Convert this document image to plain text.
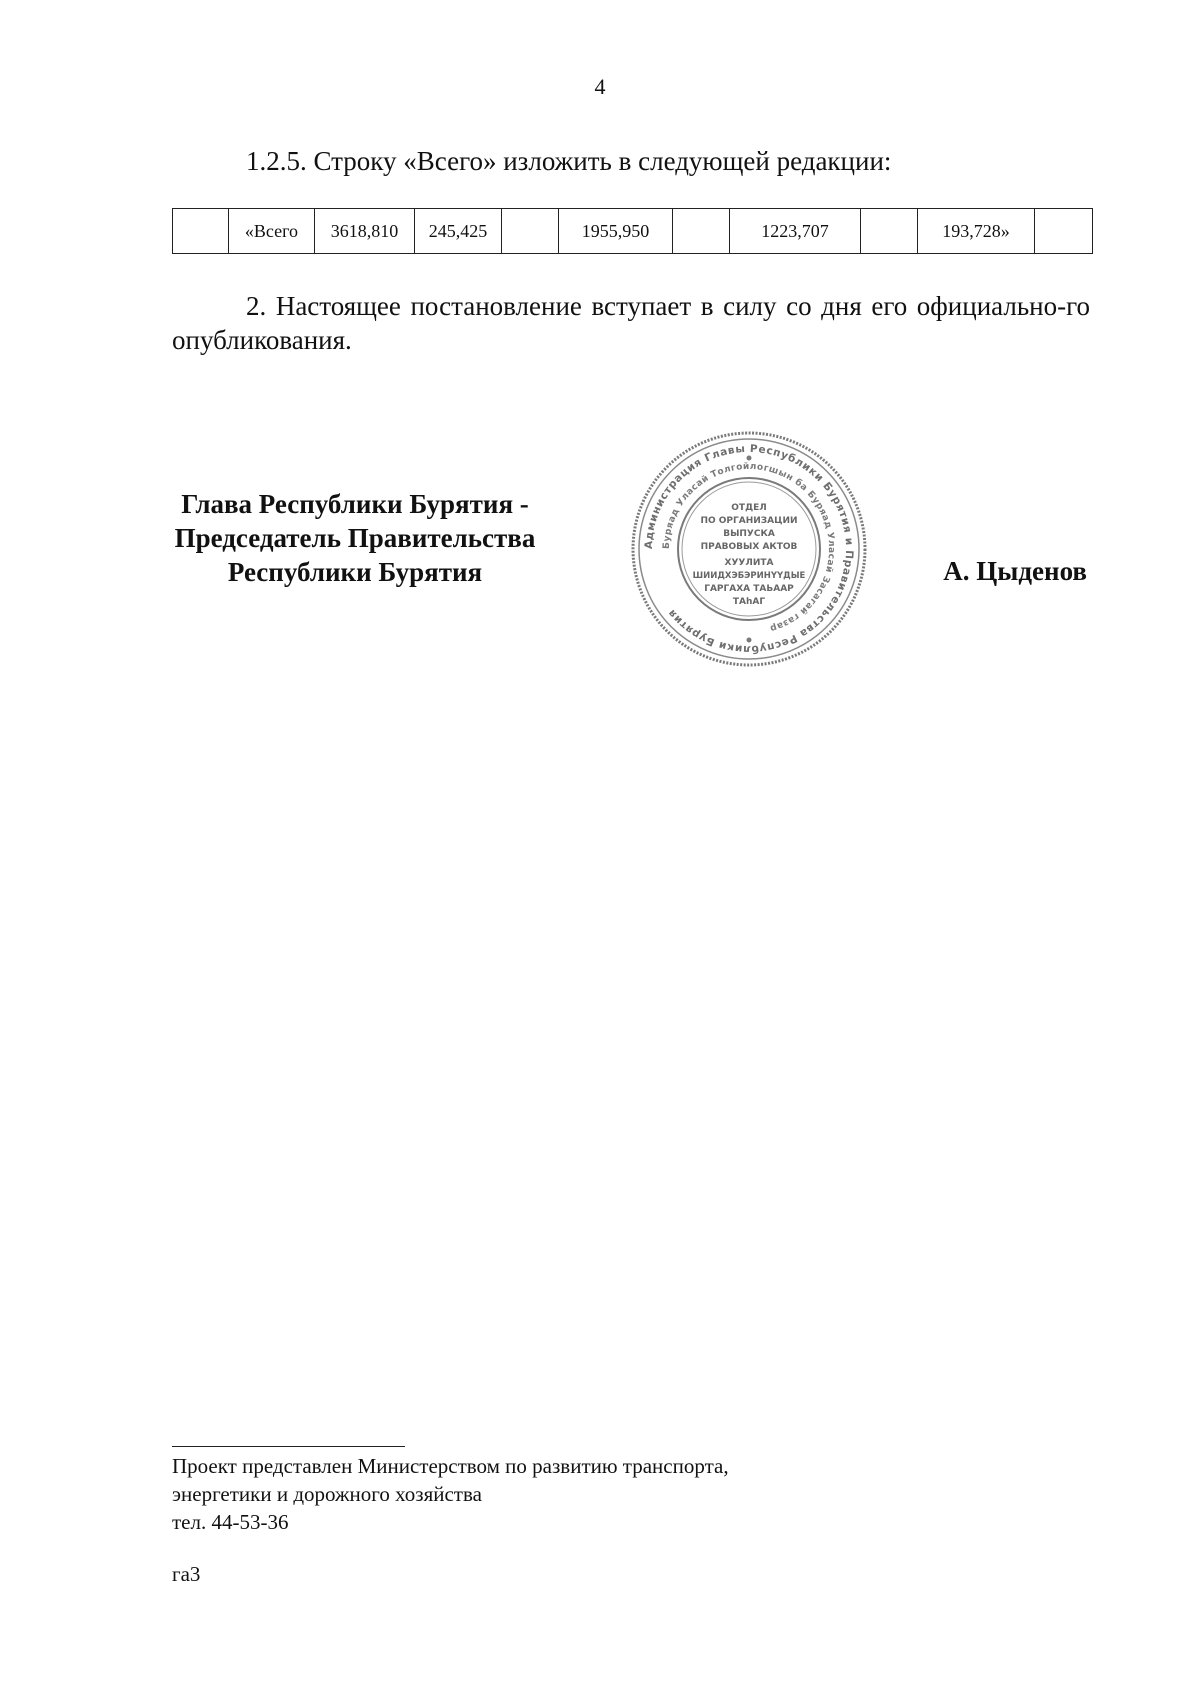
4

1.2.5. Строку «Всего» изложить в следующей редакции:

	«Всего	3618,810	245,425		1955,950		1223,707		193,728»	

2. Настоящее постановление вступает в силу со дня его официально-го опубликования.

Глава Республики Бурятия -
Председатель Правительства
Республики Бурятия
Администрация Главы Республики Бурятия и Правительства Республики Бурятия
Буряад Уласай Толгойлогшын ба Буряад Уласай Засагай газар
ОТДЕЛ
ПО ОРГАНИЗАЦИИ
ВЫПУСКА
ПРАВОВЫХ АКТОВ
ХУУЛИТА
ШИИДХЭБЭРИНҮҮДЫЕ
ГАРГАХА ТАЬААР
ТАһАГ
А. Цыденов
Проект представлен Министерством по развитию транспорта,
энергетики и дорожного хозяйства
тел. 44-53-36
га3
